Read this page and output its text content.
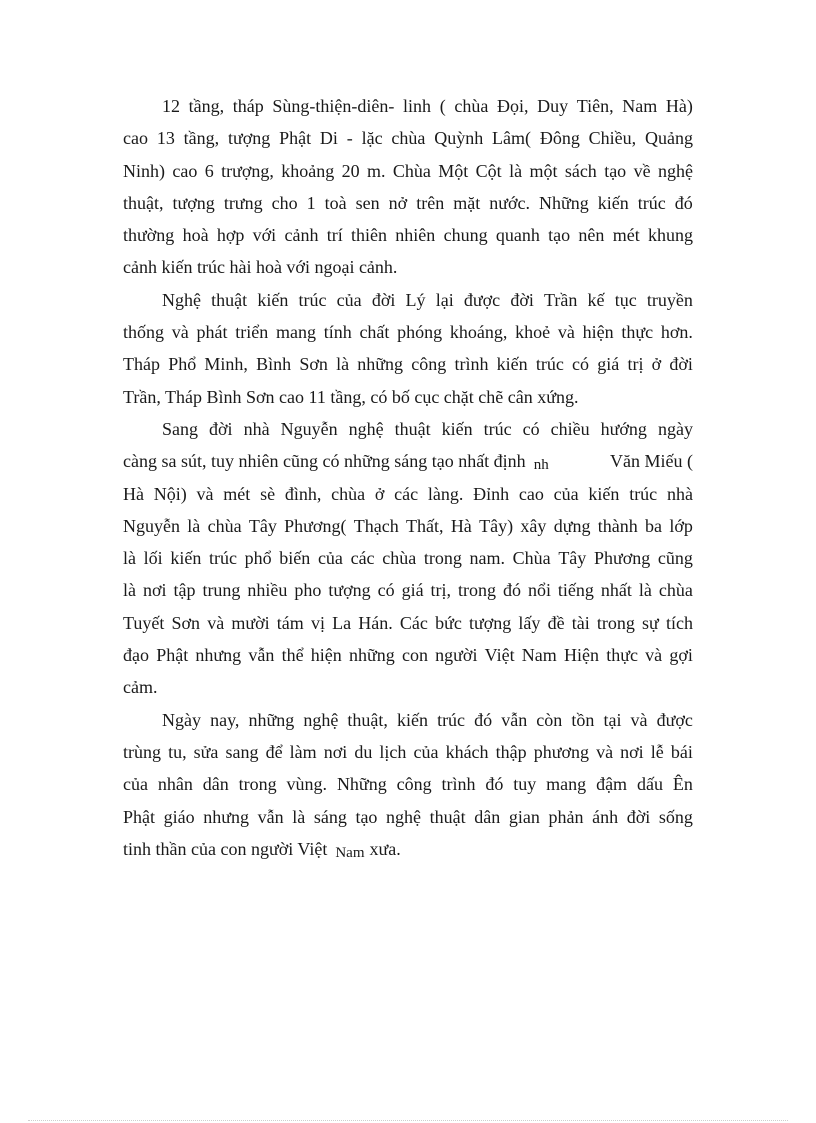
12 tầng, tháp Sùng-thiện-diên- linh ( chùa Đọi, Duy Tiên, Nam Hà)
cao 13 tầng, tượng Phật Di - lặc chùa Quỳnh Lâm( Đông Chiều, Quảng
Ninh) cao 6 trượng, khoảng 20 m. Chùa Một Cột là một sách tạo về nghệ
thuật, tượng trưng cho 1 toà sen nở trên mặt nước. Những kiến trúc đó
thường hoà hợp với cảnh trí thiên nhiên chung quanh tạo nên mét khung
cảnh kiến trúc hài hoà với ngoại cảnh.
Nghệ thuật kiến trúc của đời Lý lại được đời Trần kế tục truyền
thống và phát triển mang tính chất phóng khoáng, khoẻ và hiện thực hơn.
Tháp Phổ Minh, Bình Sơn là những công trình kiến trúc có giá trị ở đời
Trần, Tháp Bình Sơn cao 11 tầng, có bố cục chặt chẽ cân xứng.
Sang đời nhà Nguyễn nghệ thuật kiến trúc có chiều hướng ngày
càng sa sút, tuy nhiên cũng có những sáng tạo nhất định nh	Văn Miếu (
Hà Nội) và mét sè đình, chùa ở các làng. Đỉnh cao của kiến trúc nhà
Nguyễn là chùa Tây Phương( Thạch Thất, Hà Tây) xây dựng thành ba lớp
là lối kiến trúc phổ biến của các chùa trong nam. Chùa Tây Phương cũng
là nơi tập trung nhiều pho tượng có giá trị, trong đó nổi tiếng nhất là chùa
Tuyết Sơn và mười tám vị La Hán. Các bức tượng lấy đề tài trong sự tích
đạo Phật nhưng vẫn thể hiện những con người Việt Nam Hiện thực và gợi
cảm.
Ngày nay, những nghệ thuật, kiến trúc đó vẫn còn tồn tại và được
trùng tu, sửa sang để làm nơi du lịch của khách thập phương và nơi lễ bái
của nhân dân trong vùng. Những công trình đó tuy mang đậm dấu Ên
Phật giáo nhưng vẫn là sáng tạo nghệ thuật dân gian phản ánh đời sống
tinh thần của con người Việt Nam xưa.
